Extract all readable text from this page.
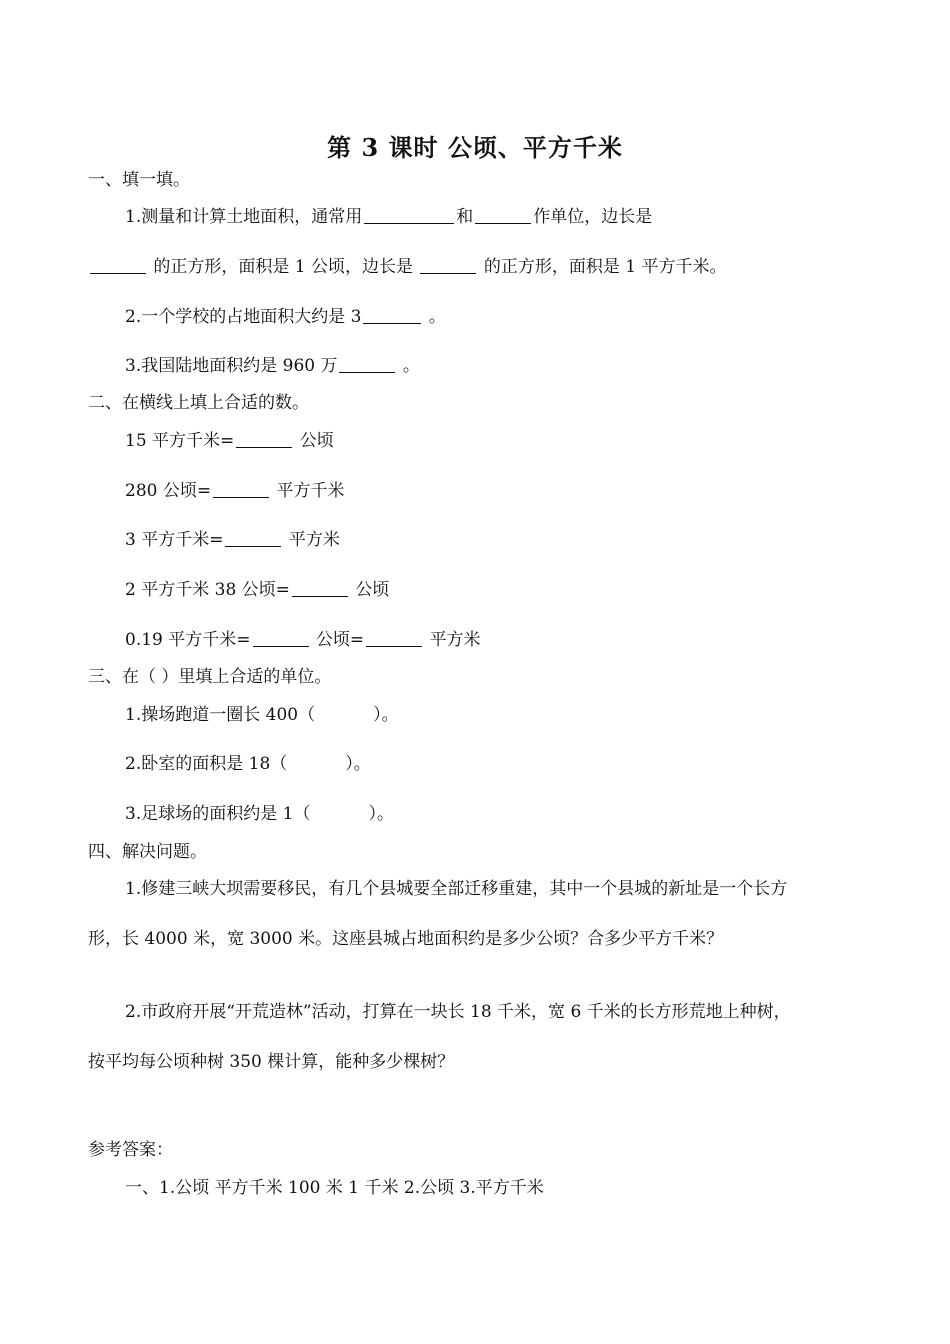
第 3 课时 公顷、平方千米
一、填一填。
1.测量和计算土地面积，通常用	和	作单位，边长是
的正方形，面积是 1 公顷，边长是	的正方形，面积是 1 平方千米。
2.一个学校的占地面积大约是 3	。
3.我国陆地面积约是 960 万	。
二、在横线上填上合适的数。
15 平方千米=	公顷
280 公顷=	平方千米
3 平方千米=	平方米
2 平方千米 38 公顷=	公顷
0.19 平方千米=	公顷=	平方米
三、在（ ）里填上合适的单位。
1.操场跑道一圈长 400（	）。
2.卧室的面积是 18（	）。
3.足球场的面积约是 1（	）。
四、解决问题。
1.修建三峡大坝需要移民，有几个县城要全部迁移重建，其中一个县城的新址是一个长方
形，长 4000 米，宽 3000 米。这座县城占地面积约是多少公顷？合多少平方千米？
2.市政府开展“开荒造林”活动，打算在一块长 18 千米，宽 6 千米的长方形荒地上种树，
按平均每公顷种树 350 棵计算，能种多少棵树？
参考答案：
一、1.公顷 平方千米 100 米 1 千米 2.公顷 3.平方千米
